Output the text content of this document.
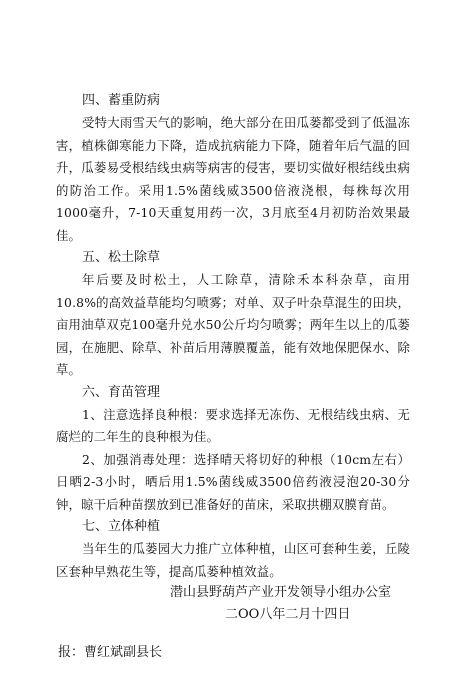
四、蓄重防病

受特大雨雪天气的影响，绝大部分在田瓜蒌都受到了低温冻害，植株御寒能力下降，造成抗病能力下降，随着年后气温的回升，瓜蒌易受根结线虫病等病害的侵害，要切实做好根结线虫病的防治工作。采用1.5%菌线威3500倍液浇根，每株每次用1000毫升，7-10天重复用药一次，3月底至4月初防治效果最佳。

五、松土除草

年后要及时松土，人工除草，清除禾本科杂草，亩用10.8%的高效益草能均匀喷雾；对单、双子叶杂草混生的田块，亩用油草双克100毫升兑水50公斤均匀喷雾；两年生以上的瓜蒌园，在施肥、除草、补苗后用薄膜覆盖，能有效地保肥保水、除草。

六、育苗管理

1、注意选择良种根：要求选择无冻伤、无根结线虫病、无腐烂的二年生的良种根为佳。

2、加强消毒处理：选择晴天将切好的种根（10cm左右）日晒2-3小时，晒后用1.5%菌线威3500倍药液浸泡20-30分钟，晾干后种苗摆放到已准备好的苗床，采取拱棚双膜育苗。

七、立体种植

当年生的瓜蒌园大力推广立体种植，山区可套种生姜，丘陵区套种早熟花生等，提高瓜蒌种植效益。

潜山县野葫芦产业开发领导小组办公室
二OO八年二月十四日
报：曹红斌副县长
